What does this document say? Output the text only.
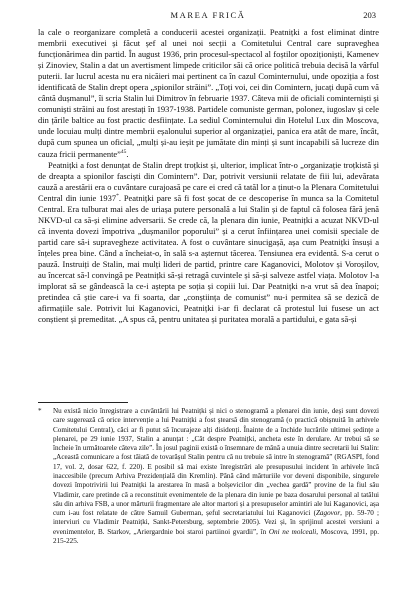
MAREA FRICĂ	203

la cale o reorganizare completă a conducerii acestei organizații. Peatnițki a fost eliminat dintre membrii executivei și făcut șef al unei noi secții a Comitetului Central care supraveghea funcționărimea din partid. În august 1936, prin procesul-spectacol al foștilor opoziționiști, Kamenev și Zinoviev, Stalin a dat un avertisment limpede criticilor săi că orice politică trebuia decisă la vârful puterii. Iar lucrul acesta nu era nicăieri mai pertinent ca în cazul Cominternului, unde opoziția a fost identificată de Stalin drept opera „spionilor străini”. „Toți voi, cei din Comintern, jucați după cum vă cântă dușmanul”, îi scria Stalin lui Dimitrov în februarie 1937. Câteva mii de oficiali cominterniști și comuniști străini au fost arestați în 1937-1938. Partidele comuniste german, polonez, iugoslav și cele din țările baltice au fost practic desființate. La sediul Cominternului din Hotelul Lux din Moscova, unde locuiau mulți dintre membrii eșalonului superior al organizației, panica era atât de mare, încât, după cum spunea un oficial, „mulți și-au ieșit pe jumătate din minți și sunt incapabili să lucreze din cauza fricii permanente”$^{45}$.

Peatnițki a fost denunțat de Stalin drept troțkist și, ulterior, implicat într-o „organizație troțkistă și de dreapta a spionilor fasciști din Comintern”. Dar, potrivit versiunii relatate de fiii lui, adevărata cauză a arestării era o cuvântare curajoasă pe care ei cred că tatăl lor a ținut-o la Plenara Comitetului Central din iunie 1937*. Peatnițki pare să fi fost șocat de ce descoperise în munca sa la Comitetul Central. Era tulburat mai ales de uriașa putere personală a lui Stalin și de faptul că folosea fără jenă NKVD-ul ca să-și elimine adversarii. Se crede că, la plenara din iunie, Peatnițki a acuzat NKVD-ul că inventa dovezi împotriva „dușmanilor poporului” și a cerut înființarea unei comisii speciale de partid care să-i supravegheze activitatea. A fost o cuvântare sinucigașă, așa cum Peatnițki însuși a înțeles prea bine. Când a încheiat-o, în sală s-a așternut tăcerea. Tensiunea era evidentă. S-a cerut o pauză. Instruiți de Stalin, mai mulți lideri de partid, printre care Kaganovici, Molotov și Voroșilov, au încercat să-l convingă pe Peatnițki să-și retragă cuvintele și să-și salveze astfel viața. Molotov l-a implorat să se gândească la ce-i aștepta pe soția și copiii lui. Dar Peatnițki n-a vrut să dea înapoi; pretindea că știe care-i va fi soarta, dar „conștiința de comunist” nu-i permitea să se dezică de afirmațiile sale. Potrivit lui Kaganovici, Peatnițki i-ar fi declarat că protestul lui fusese un act conștient și premeditat. „A spus că, pentru unitatea și puritatea morală a partidului, e gata să-și

*	Nu există nicio înregistrare a cuvântării lui Peatnițki și nici o stenogramă a plenarei din iunie, deși sunt dovezi care sugerează că orice intervenție a lui Peatnițki a fost ștearsă din stenogramă (o practică obișnuită în arhivele Comitetului Central), căci ar fi putut să încurajeze alți disidenți. Înainte de a închide lucrările ultimei ședințe a plenarei, pe 29 iunie 1937, Stalin a anunțat : „Cât despre Peatnițki, ancheta este în derulare. Ar trebui să se încheie în următoarele câteva zile”. În josul paginii există o însemnare de mână a unuia dintre secretarii lui Stalin: „Această comunicare a fost tăiată de tovarășul Stalin pentru că nu trebuie să intre în stenogramă” (RGASPI, fond 17, vol. 2, dosar 622, f. 220). E posibil să mai existe înregistrări ale presupusului incident în arhivele încă inaccesibile (precum Arhiva Prezidențială din Kremlin). Până când mărturiile vor deveni disponibile, singurele dovezi împotrivirii lui Peatnițki la arestarea în masă a bolșevicilor din „vechea gardă” provine de la fiul său Vladimir, care pretinde că a reconstituit evenimentele de la plenara din iunie pe baza dosarului personal al tatălui său din arhiva FSB, a unor mărturii fragmentare ale altor martori și a presupuselor amintiri ale lui Kaganovici, așa cum i-au fost relatate de către Samuil Guberman, șeful secretariatului lui Kaganovici (Zagovor, pp. 59-70 ; interviuri cu Vladimir Peatnițki, Sankt-Petersburg, septembrie 2005). Vezi și, în sprijinul acestei versiuni a evenimentelor, B. Starkov, „Ariergardnie boi staroi partiinoi gvardii”, în Oni ne molceali, Moscova, 1991, pp. 215-225.
